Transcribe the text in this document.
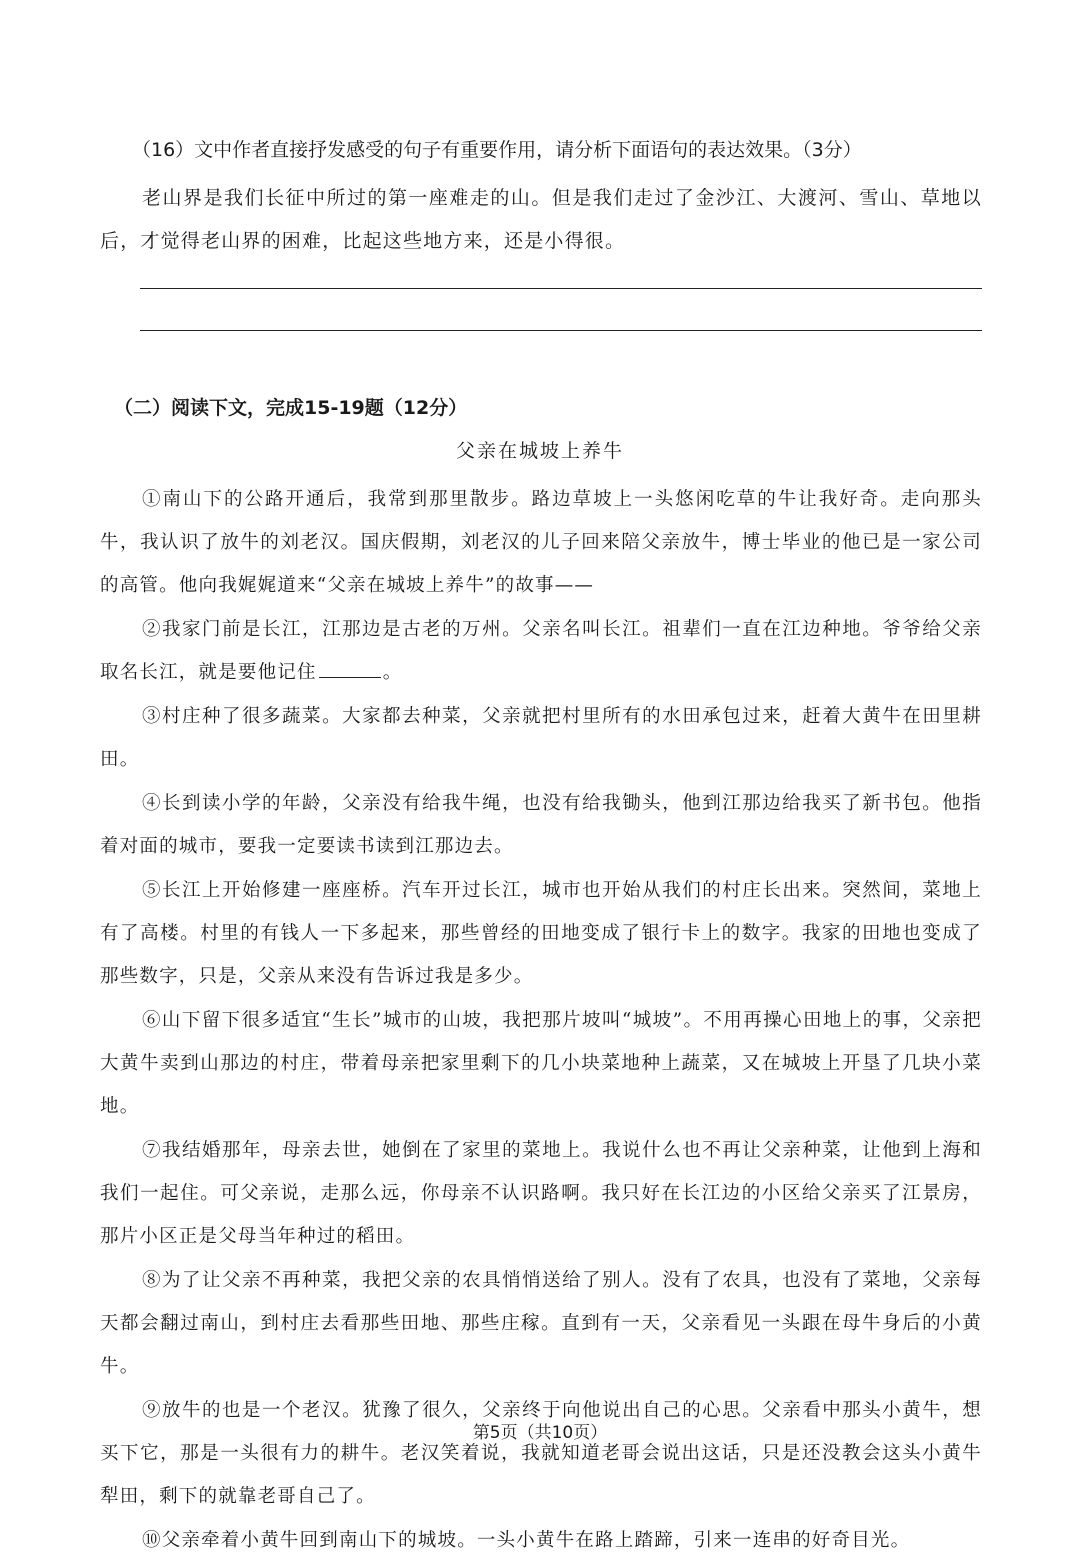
（16）文中作者直接抒发感受的句子有重要作用，请分析下面语句的表达效果。（3分）
老山界是我们长征中所过的第一座难走的山。但是我们走过了金沙江、大渡河、雪山、草地以后，才觉得老山界的困难，比起这些地方来，还是小得很。
（二）阅读下文，完成15-19题（12分）
父亲在城坡上养牛

①南山下的公路开通后，我常到那里散步。路边草坡上一头悠闲吃草的牛让我好奇。走向那头牛，我认识了放牛的刘老汉。国庆假期，刘老汉的儿子回来陪父亲放牛，博士毕业的他已是一家公司的高管。他向我娓娓道来“父亲在城坡上养牛”的故事——

②我家门前是长江，江那边是古老的万州。父亲名叫长江。祖辈们一直在江边种地。爷爷给父亲取名长江，就是要他记住	。

③村庄种了很多蔬菜。大家都去种菜，父亲就把村里所有的水田承包过来，赶着大黄牛在田里耕田。

④长到读小学的年龄，父亲没有给我牛绳，也没有给我锄头，他到江那边给我买了新书包。他指着对面的城市，要我一定要读书读到江那边去。

⑤长江上开始修建一座座桥。汽车开过长江，城市也开始从我们的村庄长出来。突然间，菜地上有了高楼。村里的有钱人一下多起来，那些曾经的田地变成了银行卡上的数字。我家的田地也变成了那些数字，只是，父亲从来没有告诉过我是多少。

⑥山下留下很多适宜“生长”城市的山坡，我把那片坡叫“城坡”。不用再操心田地上的事，父亲把大黄牛卖到山那边的村庄，带着母亲把家里剩下的几小块菜地种上蔬菜，又在城坡上开垦了几块小菜地。

⑦我结婚那年，母亲去世，她倒在了家里的菜地上。我说什么也不再让父亲种菜，让他到上海和我们一起住。可父亲说，走那么远，你母亲不认识路啊。我只好在长江边的小区给父亲买了江景房，那片小区正是父母当年种过的稻田。

⑧为了让父亲不再种菜，我把父亲的农具悄悄送给了别人。没有了农具，也没有了菜地，父亲每天都会翻过南山，到村庄去看那些田地、那些庄稼。直到有一天，父亲看见一头跟在母牛身后的小黄牛。

⑨放牛的也是一个老汉。犹豫了很久，父亲终于向他说出自己的心思。父亲看中那头小黄牛，想买下它，那是一头很有力的耕牛。老汉笑着说，我就知道老哥会说出这话，只是还没教会这头小黄牛犁田，剩下的就靠老哥自己了。

⑩父亲牵着小黄牛回到南山下的城坡。一头小黄牛在路上踏蹄，引来一连串的好奇目光。

第5页（共10页）
